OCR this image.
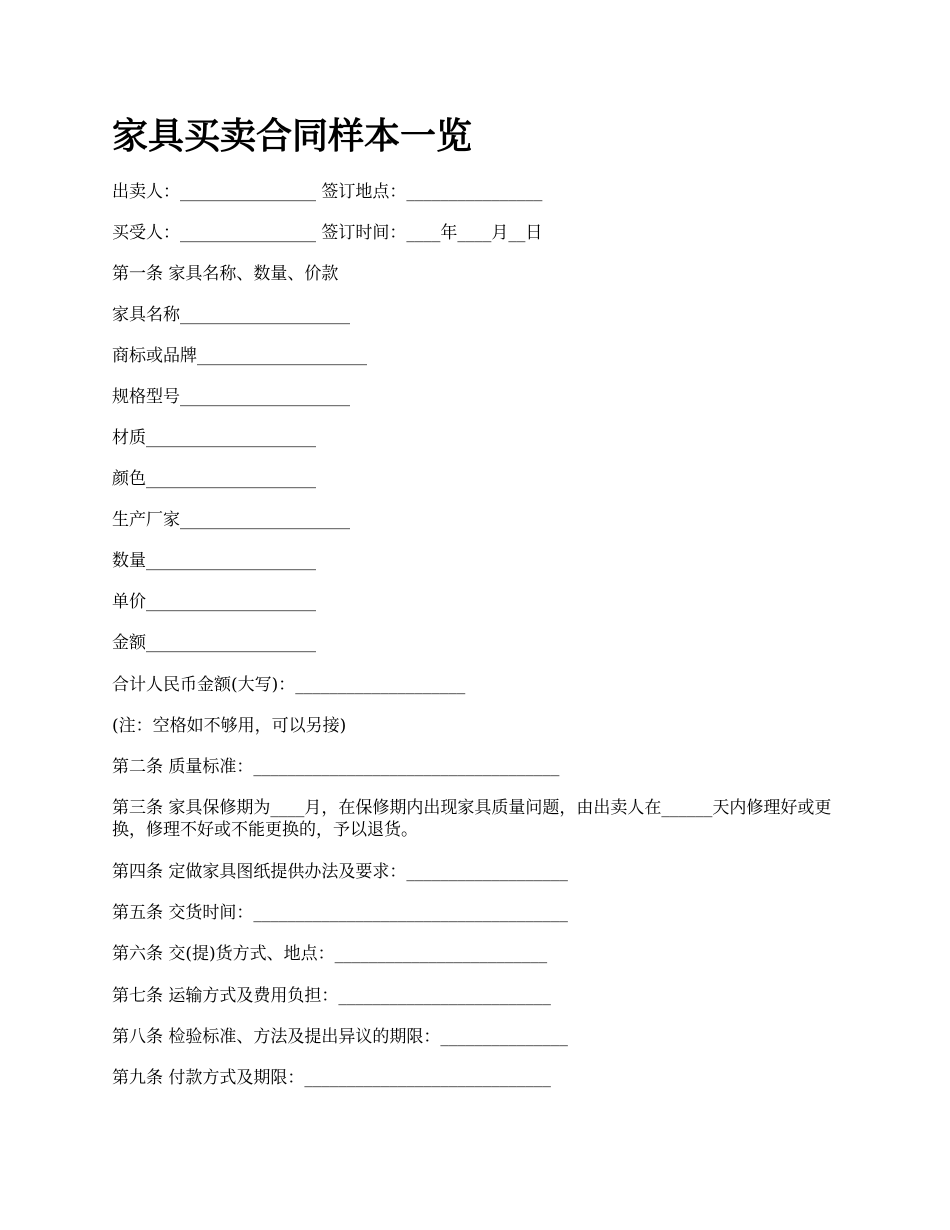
家具买卖合同样本一览

出卖人：________________ 签订地点：________________

买受人：________________ 签订时间：____年____月__日

第一条 家具名称、数量、价款

家具名称____________________

商标或品牌____________________

规格型号____________________

材质____________________

颜色____________________

生产厂家____________________

数量____________________

单价____________________

金额____________________

合计人民币金额(大写)：____________________

(注：空格如不够用，可以另接)

第二条 质量标准：____________________________________

第三条 家具保修期为____月，在保修期内出现家具质量问题，由出卖人在______天内修理好或更换，修理不好或不能更换的，予以退货。

第四条 定做家具图纸提供办法及要求：___________________

第五条 交货时间：_____________________________________

第六条 交(提)货方式、地点：_________________________

第七条 运输方式及费用负担：_________________________

第八条 检验标准、方法及提出异议的期限：_______________

第九条 付款方式及期限：_____________________________
